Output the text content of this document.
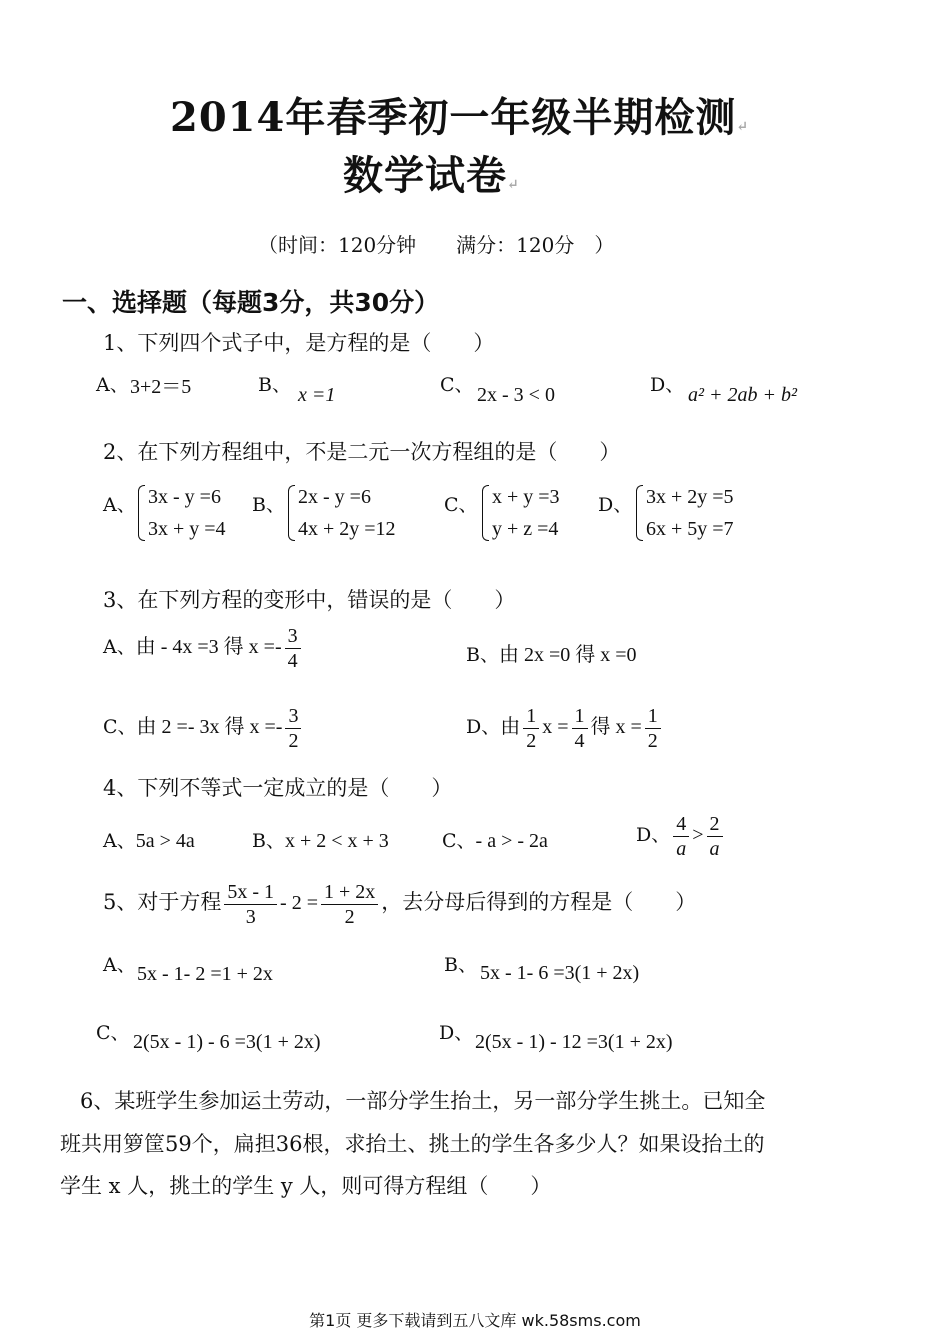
2014年春季初一年级半期检测↵
数学试卷↵
（时间：120分钟　　满分：120分　）
一、选择题（每题3分，共30分）
1、下列四个式子中，是方程的是（　　）
A、 3+2＝5	B、 x =1	C、 2x - 3 < 0	D、 a² + 2ab + b²
2、在下列方程组中，不是二元一次方程组的是（　　）
A、 3x - y =6
3x + y =4
B、 2x - y =6
4x + 2y =12
C、 x + y =3
y + z =4
D、 3x + 2y =5
6x + 5y =7
3、在下列方程的变形中，错误的是（　　）
A、由 - 4x =3 得 $x =- \frac{3}{4}$	B、由 2x =0 得 x =0
C、由 2 =- 3x 得 $x =- \frac{3}{2}$	D、由 $\frac{1}{2}$ $x = \frac{1}{4}$ 得 $x = \frac{1}{2}$
4、下列不等式一定成立的是（　　）
A、5a > 4a	B、x + 2 < x + 3	C、- a > - 2a	D、 $\frac{4}{a} > \frac{2}{a}$
5、对于方程 $\frac{5x - 1}{3} - 2 = \frac{1 + 2x}{2}$ ，去分母后得到的方程是（　　）
A、 5x - 1- 2 =1 + 2x	B、 5x - 1- 6 =3(1 + 2x)
C、 2(5x - 1) - 6 =3(1 + 2x)	D、 2(5x - 1) - 12 =3(1 + 2x)
6、某班学生参加运土劳动，一部分学生抬土，另一部分学生挑土。已知全
班共用箩筐59个，扁担36根，求抬土、挑土的学生各多少人？如果设抬土的
学生 x 人，挑土的学生 y 人，则可得方程组（　　）
第1页 更多下载请到五八文库 wk.58sms.com
